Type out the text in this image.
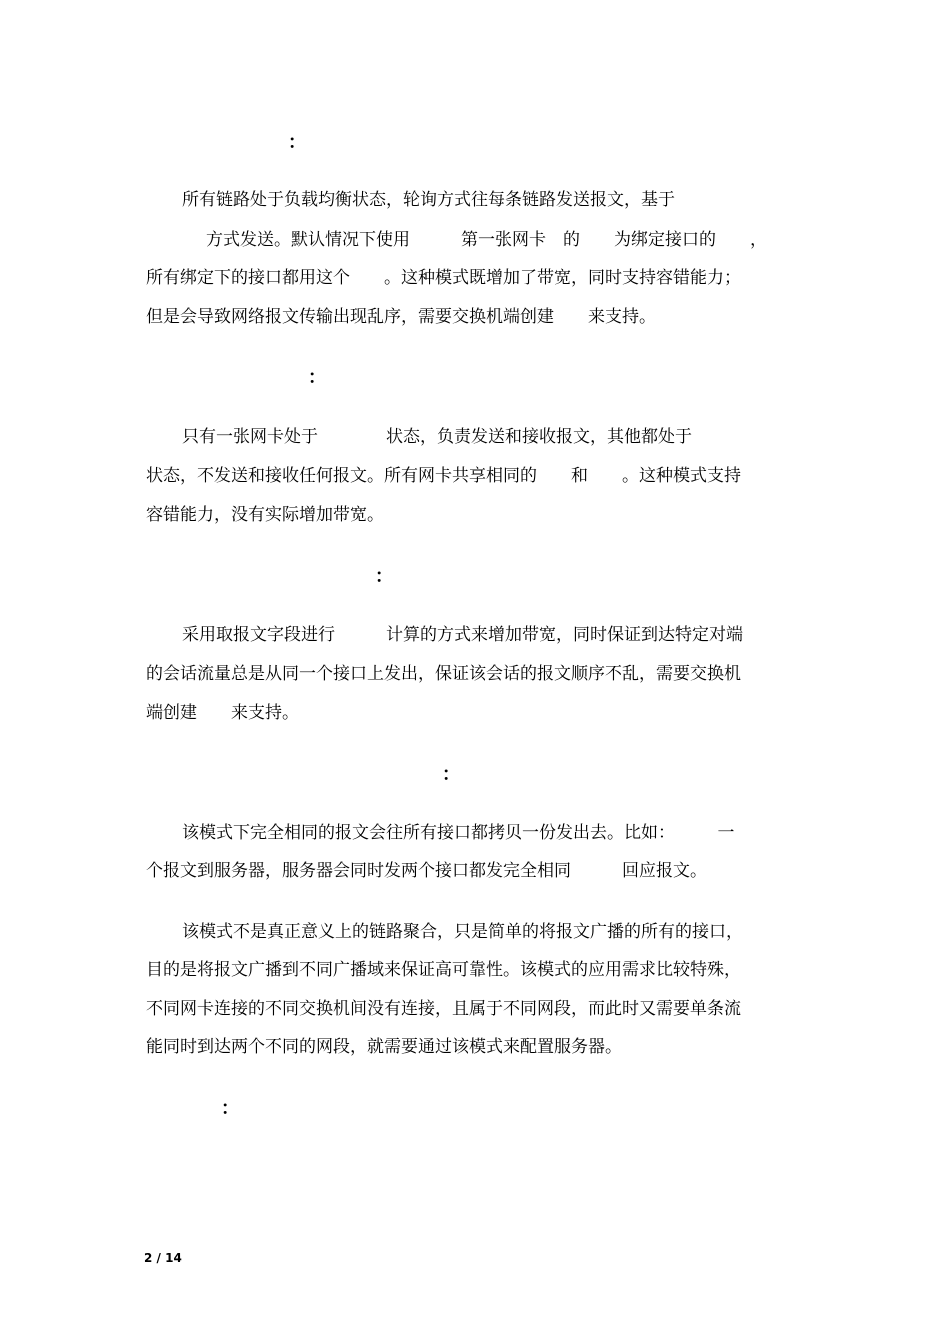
：
所有链路处于负载均衡状态，轮询方式往每条链路发送报文，基于
方式发送。默认情况下使用　　　第一张网卡　的　　为绑定接口的　　，
所有绑定下的接口都用这个　　。这种模式既增加了带宽，同时支持容错能力；
但是会导致网络报文传输出现乱序，需要交换机端创建　　来支持。
：
只有一张网卡处于　　　　状态，负责发送和接收报文，其他都处于
状态，不发送和接收任何报文。所有网卡共享相同的　　和　　。这种模式支持
容错能力，没有实际增加带宽。
：
采用取报文字段进行　　　计算的方式来增加带宽，同时保证到达特定对端
的会话流量总是从同一个接口上发出，保证该会话的报文顺序不乱，需要交换机
端创建　　来支持。
：
该模式下完全相同的报文会往所有接口都拷贝一份发出去。比如：　　　一
个报文到服务器，服务器会同时发两个接口都发完全相同　　　回应报文。
该模式不是真正意义上的链路聚合，只是简单的将报文广播的所有的接口，
目的是将报文广播到不同广播域来保证高可靠性。该模式的应用需求比较特殊，
不同网卡连接的不同交换机间没有连接，且属于不同网段，而此时又需要单条流
能同时到达两个不同的网段，就需要通过该模式来配置服务器。
：
2 / 14
